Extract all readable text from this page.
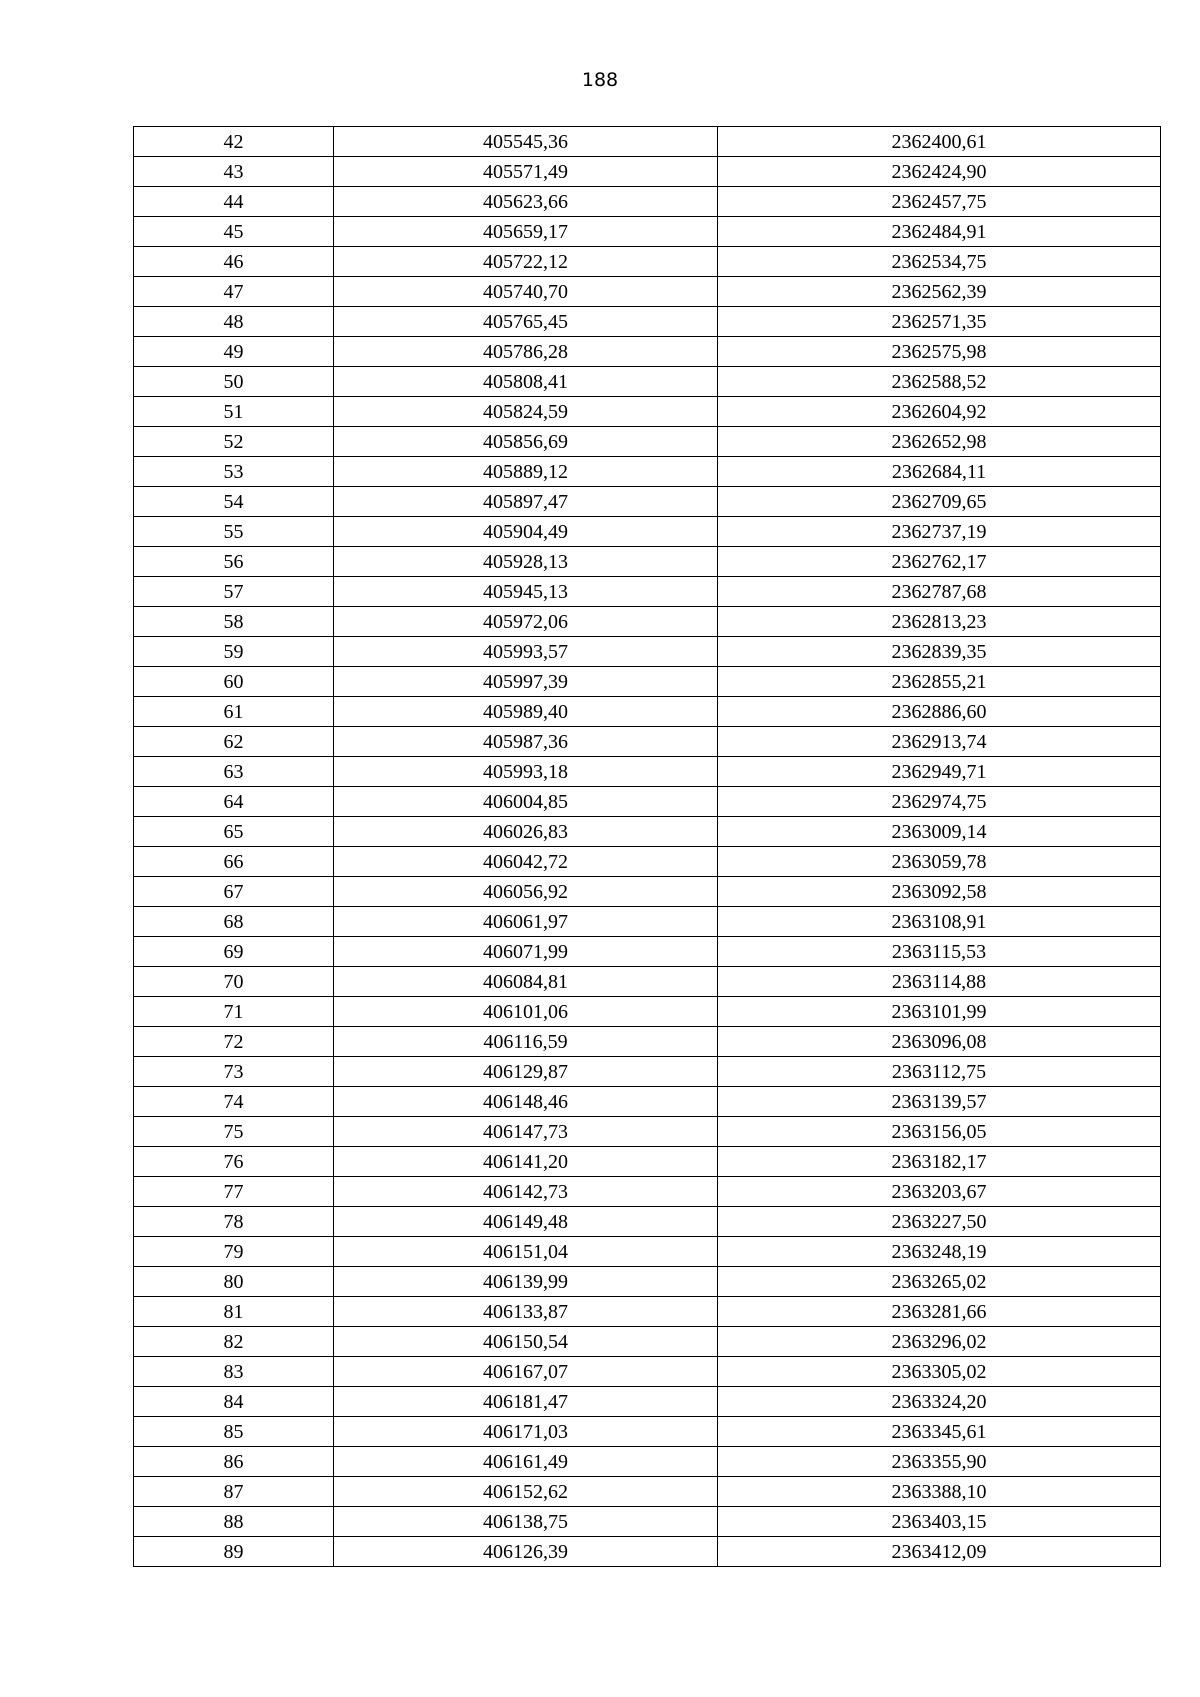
188
42	405545,36	2362400,61
43	405571,49	2362424,90
44	405623,66	2362457,75
45	405659,17	2362484,91
46	405722,12	2362534,75
47	405740,70	2362562,39
48	405765,45	2362571,35
49	405786,28	2362575,98
50	405808,41	2362588,52
51	405824,59	2362604,92
52	405856,69	2362652,98
53	405889,12	2362684,11
54	405897,47	2362709,65
55	405904,49	2362737,19
56	405928,13	2362762,17
57	405945,13	2362787,68
58	405972,06	2362813,23
59	405993,57	2362839,35
60	405997,39	2362855,21
61	405989,40	2362886,60
62	405987,36	2362913,74
63	405993,18	2362949,71
64	406004,85	2362974,75
65	406026,83	2363009,14
66	406042,72	2363059,78
67	406056,92	2363092,58
68	406061,97	2363108,91
69	406071,99	2363115,53
70	406084,81	2363114,88
71	406101,06	2363101,99
72	406116,59	2363096,08
73	406129,87	2363112,75
74	406148,46	2363139,57
75	406147,73	2363156,05
76	406141,20	2363182,17
77	406142,73	2363203,67
78	406149,48	2363227,50
79	406151,04	2363248,19
80	406139,99	2363265,02
81	406133,87	2363281,66
82	406150,54	2363296,02
83	406167,07	2363305,02
84	406181,47	2363324,20
85	406171,03	2363345,61
86	406161,49	2363355,90
87	406152,62	2363388,10
88	406138,75	2363403,15
89	406126,39	2363412,09
